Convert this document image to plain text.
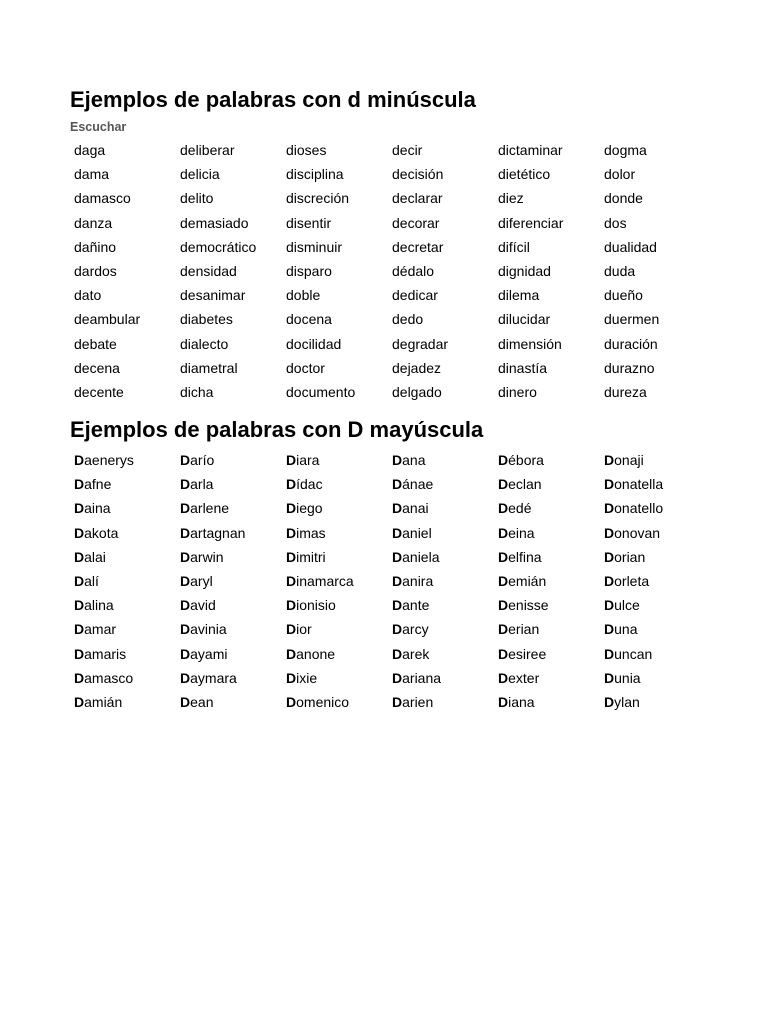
Ejemplos de palabras con d minúscula
Escuchar
daga	deliberar	dioses	decir	dictaminar	dogma
dama	delicia	disciplina	decisión	dietético	dolor
damasco	delito	discreción	declarar	diez	donde
danza	demasiado	disentir	decorar	diferenciar	dos
dañino	democrático	disminuir	decretar	difícil	dualidad
dardos	densidad	disparo	dédalo	dignidad	duda
dato	desanimar	doble	dedicar	dilema	dueño
deambular	diabetes	docena	dedo	dilucidar	duermen
debate	dialecto	docilidad	degradar	dimensión	duración
decena	diametral	doctor	dejadez	dinastía	durazno
decente	dicha	documento	delgado	dinero	dureza
Ejemplos de palabras con D mayúscula
Daenerys	Darío	Diara	Dana	Débora	Donaji
Dafne	Darla	Dídac	Dánae	Declan	Donatella
Daina	Darlene	Diego	Danai	Dedé	Donatello
Dakota	Dartagnan	Dimas	Daniel	Deina	Donovan
Dalai	Darwin	Dimitri	Daniela	Delfina	Dorian
Dalí	Daryl	Dinamarca	Danira	Demián	Dorleta
Dalina	David	Dionisio	Dante	Denisse	Dulce
Damar	Davinia	Dior	Darcy	Derian	Duna
Damaris	Dayami	Danone	Darek	Desiree	Duncan
Damasco	Daymara	Dixie	Dariana	Dexter	Dunia
Damián	Dean	Domenico	Darien	Diana	Dylan
